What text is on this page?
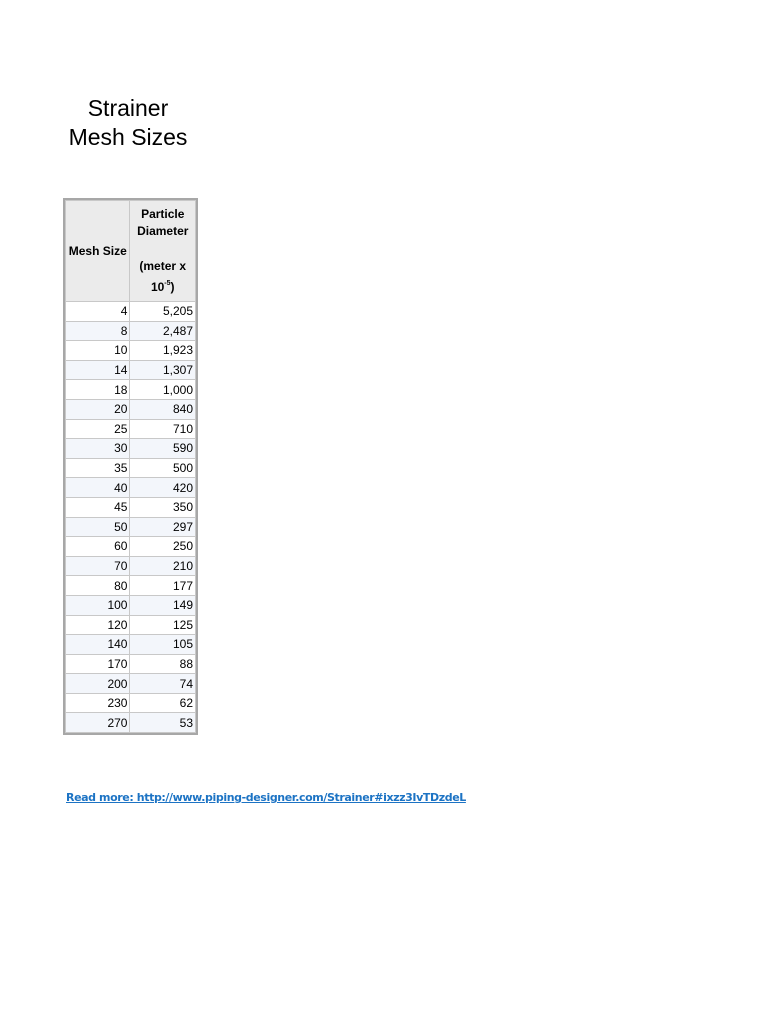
Strainer
Mesh Sizes
Mesh Size	Particle
Diameter
(meter x
$10^{-5}$)

4	5,205
8	2,487
10	1,923
14	1,307
18	1,000
20	840
25	710
30	590
35	500
40	420
45	350
50	297
60	250
70	210
80	177
100	149
120	125
140	105
170	88
200	74
230	62
270	53
Read more: http://www.piping-designer.com/Strainer#ixzz3IvTDzdeL
